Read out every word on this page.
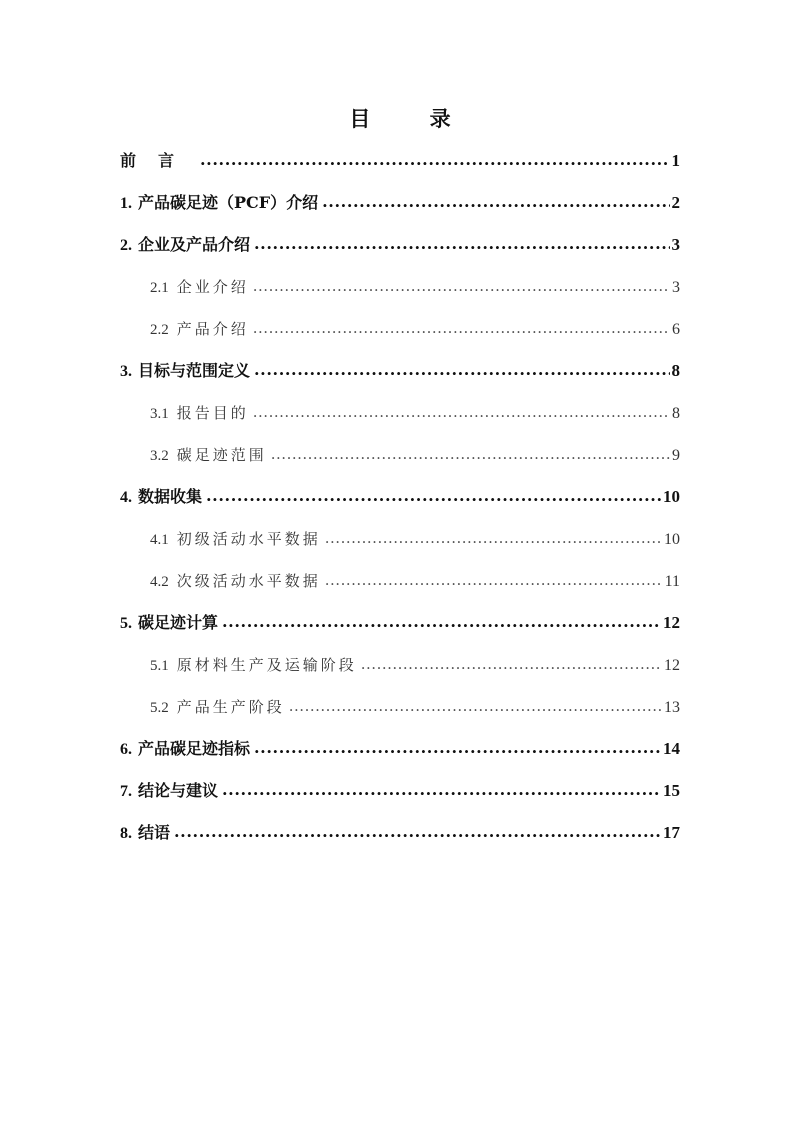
目 录
前言 .....	1
1. 产品碳足迹（PCF）介绍 .....	2
2. 企业及产品介绍 .....	3
2.1 企业介绍 .....	3
2.2 产品介绍 .....	6
3. 目标与范围定义 .....	8
3.1 报告目的 .....	8
3.2 碳足迹范围 .....	9
4. 数据收集 .....	10
4.1 初级活动水平数据 .....	10
4.2 次级活动水平数据 .....	11
5. 碳足迹计算 .....	12
5.1 原材料生产及运输阶段 .....	12
5.2 产品生产阶段 .....	13
6. 产品碳足迹指标 .....	14
7. 结论与建议 .....	15
8. 结语 .....	17
